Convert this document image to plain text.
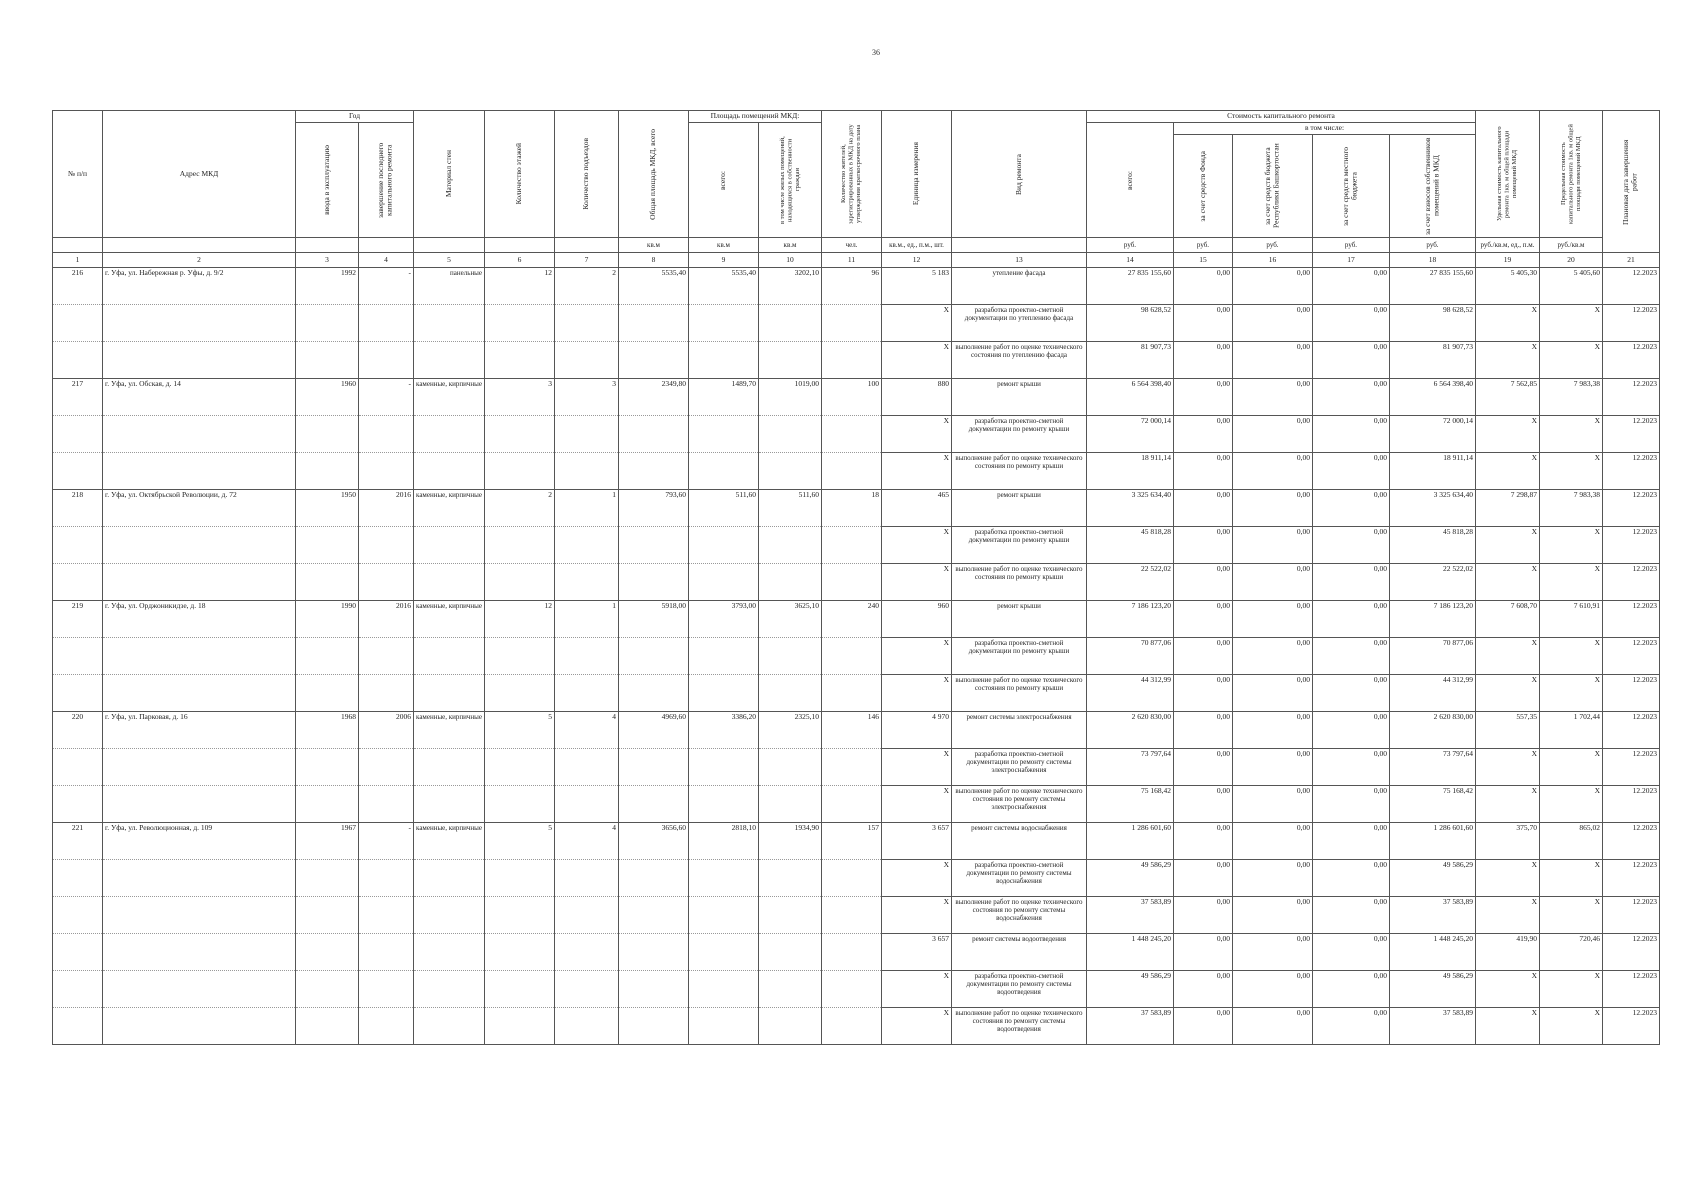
36
№ п/п	Адрес МКД	Год		Материал стен	Количество этажей	Количество подъездов	Общая площадь МКД, всего	Площадь помещений МКД:		Количество жителей, зарегистрированных в МКД на дату утверждения краткосрочного плана	Единица измерения	Вид ремонта	Стоимость капитального ремонта					Удельная стоимость капитального ремонта 1кв. м общей площади помещений МКД	Предельная стоимость капитального ремонта 1кв. м общей площади помещений МКД	Плановая дата завершения работ

		ввода в эксплуатацию	завершение последнего капитального ремонта					всего:	в том числе жилых помещений, находящихся в собственности граждан				всего:	в том числе:						

														за счет средств Фонда	за счет средств бюджета Республики Башкортостан	за счет средств местного бюджета	за счет взносов собственников помещений в МКД			

							кв.м	кв.м	кв.м	чел.	кв.м., ед., п.м., шт.		руб.	руб.	руб.	руб.	руб.	руб./кв.м, ед., п.м.	руб./кв.м	
1	2	3	4	5	6	7	8	9	10	11	12	13	14	15	16	17	18	19	20	21
216	г. Уфа, ул. Набережная р. Уфы, д. 9/2	1992	-	панельные	12	2	5535,40	5535,40	3202,10	96	5 183	утепление фасада	27 835 155,60	0,00	0,00	0,00	27 835 155,60	5 405,30	5 405,60	12.2023
											X	разработка проектно-сметной документации по утеплению фасада	98 628,52	0,00	0,00	0,00	98 628,52	X	X	12.2023
											X	выполнение работ по оценке технического состояния по утеплению фасада	81 907,73	0,00	0,00	0,00	81 907,73	X	X	12.2023
217	г. Уфа, ул. Обская, д. 14	1960	-	каменные, кирпичные	3	3	2349,80	1489,70	1019,00	100	880	ремонт крыши	6 564 398,40	0,00	0,00	0,00	6 564 398,40	7 562,85	7 983,38	12.2023
											X	разработка проектно-сметной документации по ремонту крыши	72 000,14	0,00	0,00	0,00	72 000,14	X	X	12.2023
											X	выполнение работ по оценке технического состояния по ремонту крыши	18 911,14	0,00	0,00	0,00	18 911,14	X	X	12.2023
218	г. Уфа, ул. Октябрьской Революции, д. 72	1950	2016	каменные, кирпичные	2	1	793,60	511,60	511,60	18	465	ремонт крыши	3 325 634,40	0,00	0,00	0,00	3 325 634,40	7 298,87	7 983,38	12.2023
											X	разработка проектно-сметной документации по ремонту крыши	45 818,28	0,00	0,00	0,00	45 818,28	X	X	12.2023
											X	выполнение работ по оценке технического состояния по ремонту крыши	22 522,02	0,00	0,00	0,00	22 522,02	X	X	12.2023
219	г. Уфа, ул. Орджоникидзе, д. 18	1990	2016	каменные, кирпичные	12	1	5918,00	3793,00	3625,10	240	960	ремонт крыши	7 186 123,20	0,00	0,00	0,00	7 186 123,20	7 608,70	7 610,91	12.2023
											X	разработка проектно-сметной документации по ремонту крыши	70 877,06	0,00	0,00	0,00	70 877,06	X	X	12.2023
											X	выполнение работ по оценке технического состояния по ремонту крыши	44 312,99	0,00	0,00	0,00	44 312,99	X	X	12.2023
220	г. Уфа, ул. Парковая, д. 16	1968	2006	каменные, кирпичные	5	4	4969,60	3386,20	2325,10	146	4 970	ремонт системы электроснабжения	2 620 830,00	0,00	0,00	0,00	2 620 830,00	557,35	1 702,44	12.2023
											X	разработка проектно-сметной документации по ремонту системы электроснабжения	73 797,64	0,00	0,00	0,00	73 797,64	X	X	12.2023
											X	выполнение работ по оценке технического состояния по ремонту системы электроснабжения	75 168,42	0,00	0,00	0,00	75 168,42	X	X	12.2023
221	г. Уфа, ул. Революционная, д. 109	1967	-	каменные, кирпичные	5	4	3656,60	2818,10	1934,90	157	3 657	ремонт системы водоснабжения	1 286 601,60	0,00	0,00	0,00	1 286 601,60	375,70	865,02	12.2023
											X	разработка проектно-сметной документации по ремонту системы водоснабжения	49 586,29	0,00	0,00	0,00	49 586,29	X	X	12.2023
											X	выполнение работ по оценке технического состояния по ремонту системы водоснабжения	37 583,89	0,00	0,00	0,00	37 583,89	X	X	12.2023
											3 657	ремонт системы водоотведения	1 448 245,20	0,00	0,00	0,00	1 448 245,20	419,90	720,46	12.2023
											X	разработка проектно-сметной документации по ремонту системы водоотведения	49 586,29	0,00	0,00	0,00	49 586,29	X	X	12.2023
											X	выполнение работ по оценке технического состояния по ремонту системы водоотведения	37 583,89	0,00	0,00	0,00	37 583,89	X	X	12.2023
